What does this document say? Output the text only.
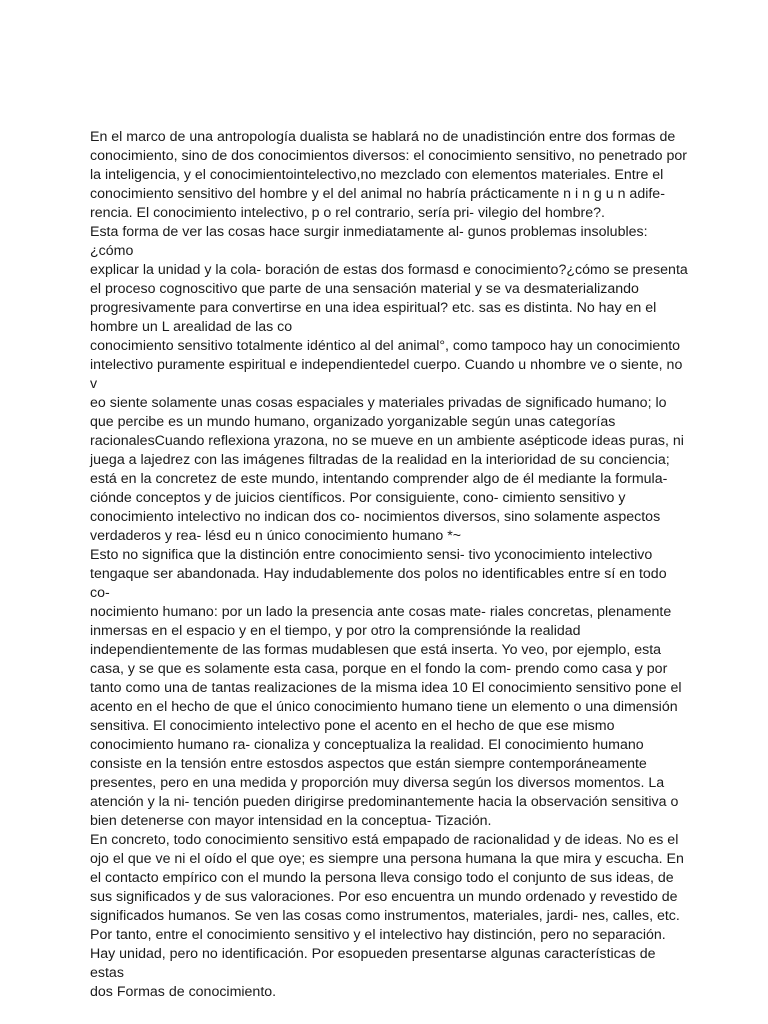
En el marco de una antropología dualista se hablará no de unadistinción entre dos formas de
conocimiento, sino de dos conocimientos diversos: el conocimiento sensitivo, no penetrado por
la inteligencia, y el conocimientointelectivo,no mezclado con elementos materiales. Entre el
conocimiento sensitivo del hombre y el del animal no habría prácticamente n i n g u n adife-
rencia. El conocimiento intelectivo, p o rel contrario, sería pri- vilegio del hombre?.

Esta forma de ver las cosas hace surgir inmediatamente al- gunos problemas insolubles:¿cómo
explicar la unidad y la cola- boración de estas dos formasd e conocimiento?¿cómo se presenta
el proceso cognoscitivo que parte de una sensación material y se va desmaterializando
progresivamente para convertirse en una idea espiritual? etc. sas es distinta. No hay en el
hombre un L arealidad de las co

conocimiento sensitivo totalmente idéntico al del animal°, como tampoco hay un conocimiento
intelectivo puramente espiritual e independientedel cuerpo. Cuando u nhombre ve o siente, no v
eo siente solamente unas cosas espaciales y materiales privadas de significado humano; lo
que percibe es un mundo humano, organizado yorganizable según unas categorías
racionalesCuando reflexiona yrazona, no se mueve en un ambiente asépticode ideas puras, ni
juega a lajedrez con las imágenes filtradas de la realidad en la interioridad de su conciencia;
está en la concretez de este mundo, intentando comprender algo de él mediante la formula-
ciónde conceptos y de juicios científicos. Por consiguiente, cono- cimiento sensitivo y
conocimiento intelectivo no indican dos co- nocimientos diversos, sino solamente aspectos
verdaderos y rea- lésd eu n único conocimiento humano *~

Esto no significa que la distinción entre conocimiento sensi- tivo yconocimiento intelectivo
tengaque ser abandonada. Hay indudablemente dos polos no identificables entre sí en todo co-
nocimiento humano: por un lado la presencia ante cosas mate- riales concretas, plenamente
inmersas en el espacio y en el tiempo, y por otro la comprensiónde la realidad
independientemente de las formas mudablesen que está inserta. Yo veo, por ejemplo, esta
casa, y se que es solamente esta casa, porque en el fondo la com- prendo como casa y por
tanto como una de tantas realizaciones de la misma idea 10 El conocimiento sensitivo pone el
acento en el hecho de que el único conocimiento humano tiene un elemento o una dimensión
sensitiva. El conocimiento intelectivo pone el acento en el hecho de que ese mismo
conocimiento humano ra- cionaliza y conceptualiza la realidad. El conocimiento humano
consiste en la tensión entre estosdos aspectos que están siempre contemporáneamente
presentes, pero en una medida y proporción muy diversa según los diversos momentos. La
atención y la ni- tención pueden dirigirse predominantemente hacia la observación sensitiva o
bien detenerse con mayor intensidad en la conceptua- Tización.

En concreto, todo conocimiento sensitivo está empapado de racionalidad y de ideas. No es el
ojo el que ve ni el oído el que oye; es siempre una persona humana la que mira y escucha. En
el contacto empírico con el mundo la persona lleva consigo todo el conjunto de sus ideas, de
sus significados y de sus valoraciones. Por eso encuentra un mundo ordenado y revestido de
significados humanos. Se ven las cosas como instrumentos, materiales, jardi- nes, calles, etc.
Por tanto, entre el conocimiento sensitivo y el intelectivo hay distinción, pero no separación.
Hay unidad, pero no identificación. Por esopueden presentarse algunas características de estas
dos Formas de conocimiento.
